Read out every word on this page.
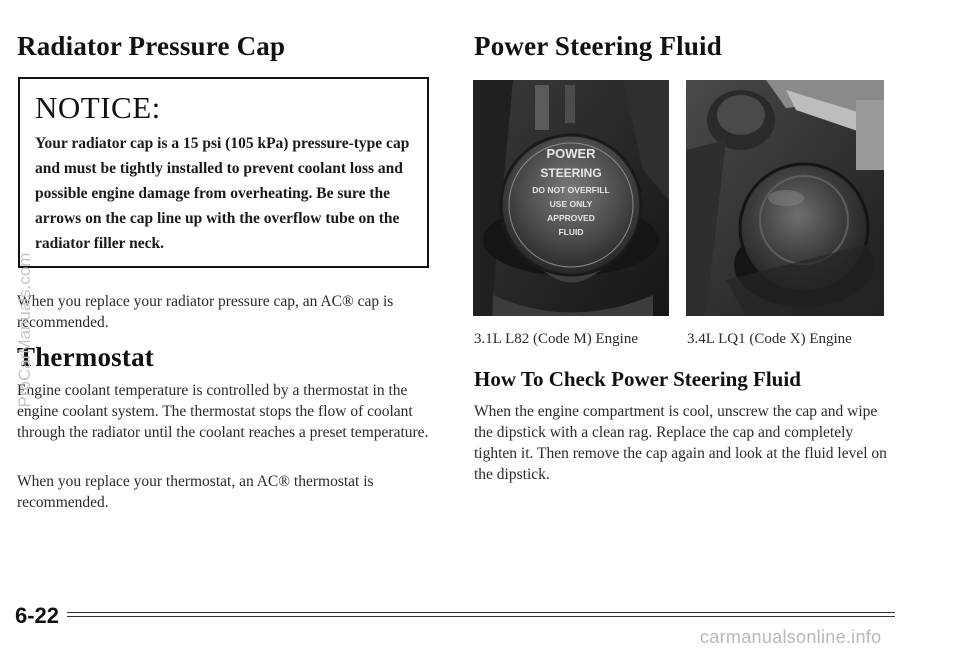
Radiator Pressure Cap
NOTICE:
Your radiator cap is a 15 psi (105 kPa) pressure-type cap and must be tightly installed to prevent coolant loss and possible engine damage from overheating. Be sure the arrows on the cap line up with the overflow tube on the radiator filler neck.

When you replace your radiator pressure cap, an AC® cap is recommended.

Thermostat

Engine coolant temperature is controlled by a thermostat in the engine coolant system. The thermostat stops the flow of coolant through the radiator until the coolant reaches a preset temperature.

When you replace your thermostat, an AC® thermostat is recommended.

Power Steering Fluid
POWER
STEERING
DO NOT OVERFILL
USE ONLY
APPROVED
FLUID
3.1L L82 (Code M) Engine	3.4L LQ1 (Code X) Engine
How To Check Power Steering Fluid

When the engine compartment is cool, unscrew the cap and wipe the dipstick with a clean rag. Replace the cap and completely tighten it. Then remove the cap again and look at the fluid level on the dipstick.

6-22
carmanualsonline.info
ProCarManuals.com
